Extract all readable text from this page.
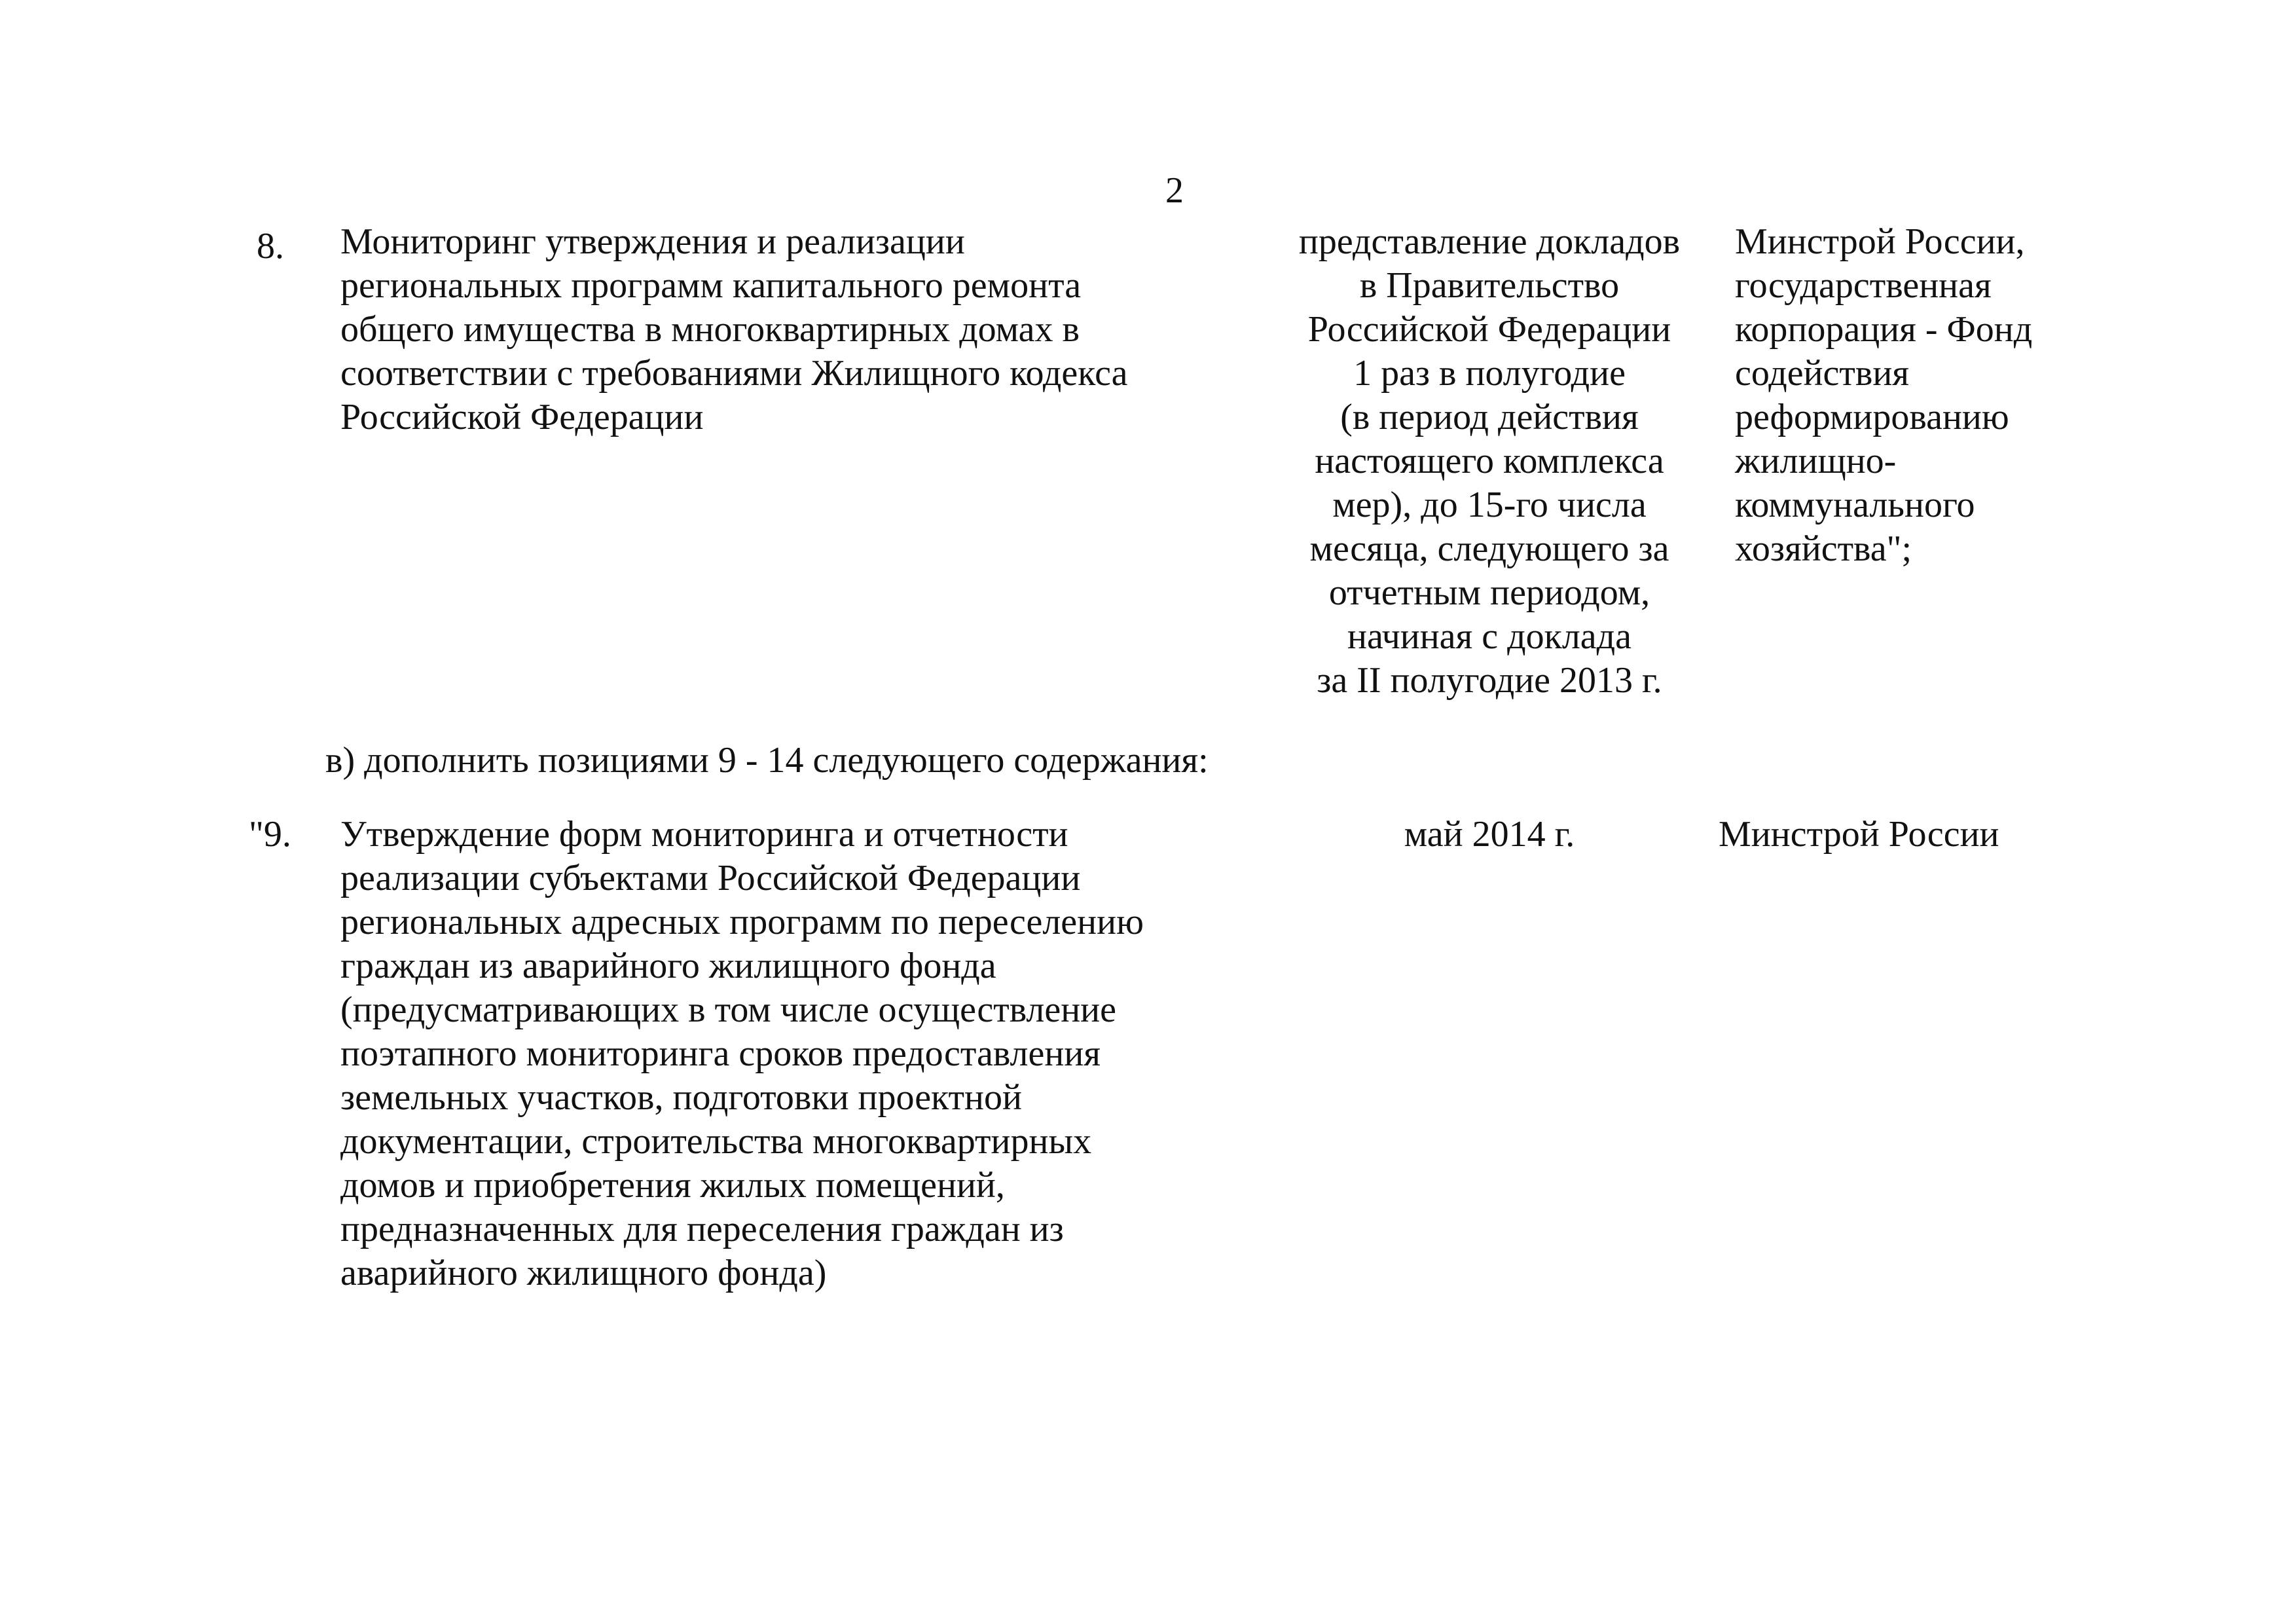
2
8. Мониторинг утверждения и реализации
региональных программ капитального ремонта
общего имущества в многоквартирных домах в
соответствии с требованиями Жилищного кодекса
Российской Федерации
представление докладов
в Правительство
Российской Федерации
1 раз в полугодие
(в период действия
настоящего комплекса
мер), до 15-го числа
месяца, следующего за
отчетным периодом,
начиная с доклада
за II полугодие 2013 г.
Минстрой России,
государственная
корпорация - Фонд
содействия
реформированию
жилищно-
коммунального
хозяйства";
в) дополнить позициями 9 - 14 следующего содержания:
"9. Утверждение форм мониторинга и отчетности
реализации субъектами Российской Федерации
региональных адресных программ по переселению
граждан из аварийного жилищного фонда
(предусматривающих в том числе осуществление
поэтапного мониторинга сроков предоставления
земельных участков, подготовки проектной
документации, строительства многоквартирных
домов и приобретения жилых помещений,
предназначенных для переселения граждан из
аварийного жилищного фонда)
май 2014 г.	Минстрой России
